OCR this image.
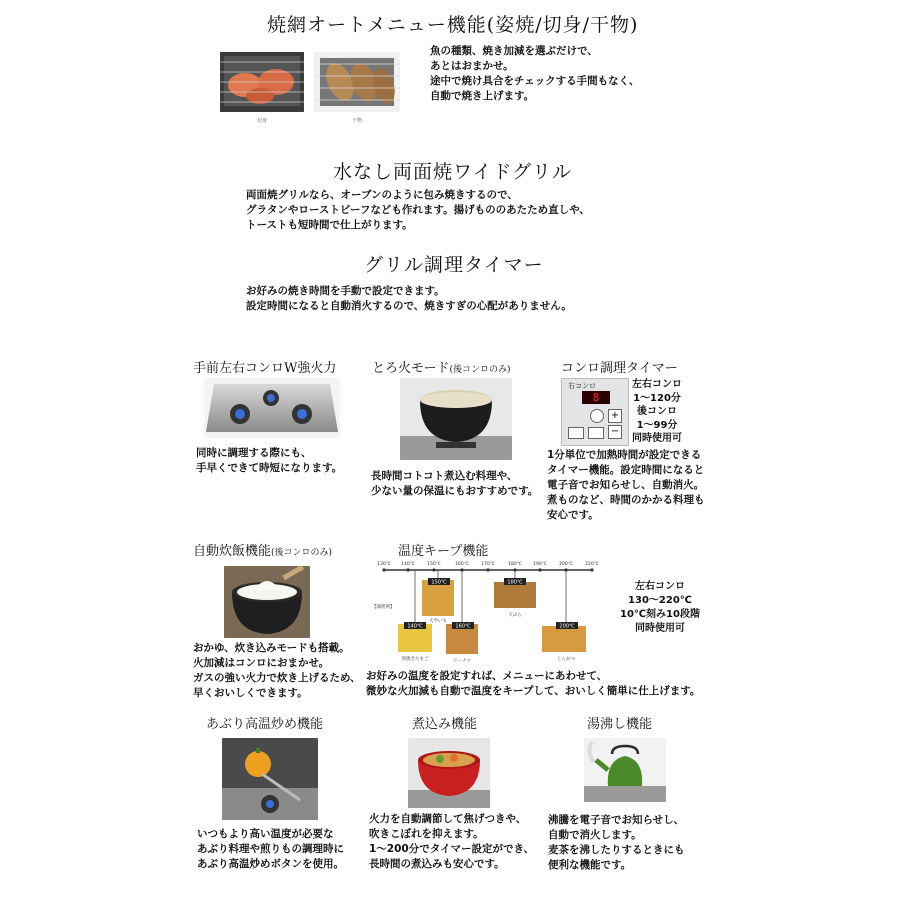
焼網オートメニュー機能(姿焼/切身/干物)
切身	干物
魚の種類、焼き加減を選ぶだけで、
あとはおまかせ。
途中で焼け具合をチェックする手間もなく、
自動で焼き上げます。
水なし両面焼ワイドグリル
両面焼グリルなら、オーブンのように包み焼きするので、
グラタンやローストビーフなども作れます。揚げもののあたため直しや、
トーストも短時間で仕上がります。
グリル調理タイマー
お好みの焼き時間を手動で設定できます。
設定時間になると自動消火するので、焼きすぎの心配がありません。
手前左右コンロW強火力
同時に調理する際にも、
手早くできて時短になります。
とろ火モード(後コンロのみ)
長時間コトコト煮込む料理や、
少ない量の保温にもおすすめです。
コンロ調理タイマー
右コンロ
8
+
−
左右コンロ
1〜120分
後コンロ
1〜99分
同時使用可
1分単位で加熱時間が設定できる
タイマー機能。設定時間になると
電子音でお知らせし、自動消火。
煮ものなど、時間のかかる料理も
安心です。
自動炊飯機能(後コンロのみ)
おかゆ、炊き込みモードも搭載。
火加減はコンロにおまかせ。
ガスの強い火力で炊き上げるため、
早くおいしくできます。
温度キープ機能
130℃ 140℃	150℃	160℃	170℃	180℃	190℃	200℃	220℃
150℃	180℃
140℃	160℃	200℃
【調理例】
大学いも
天ぷら
厚焼きたまご	ドーナツ	とんかつ
左右コンロ
130〜220℃
10℃刻み10段階
同時使用可
お好みの温度を設定すれば、メニューにあわせて、
微妙な火加減も自動で温度をキープして、おいしく簡単に仕上げます。
あぶり高温炒め機能
いつもより高い温度が必要な
あぶり料理や煎りもの調理時に
あぶり高温炒めボタンを使用。
煮込み機能
火力を自動調節して焦げつきや、
吹きこぼれを抑えます。
1〜200分でタイマー設定ができ、
長時間の煮込みも安心です。
湯沸し機能
沸騰を電子音でお知らせし、
自動で消火します。
麦茶を沸したりするときにも
便利な機能です。
